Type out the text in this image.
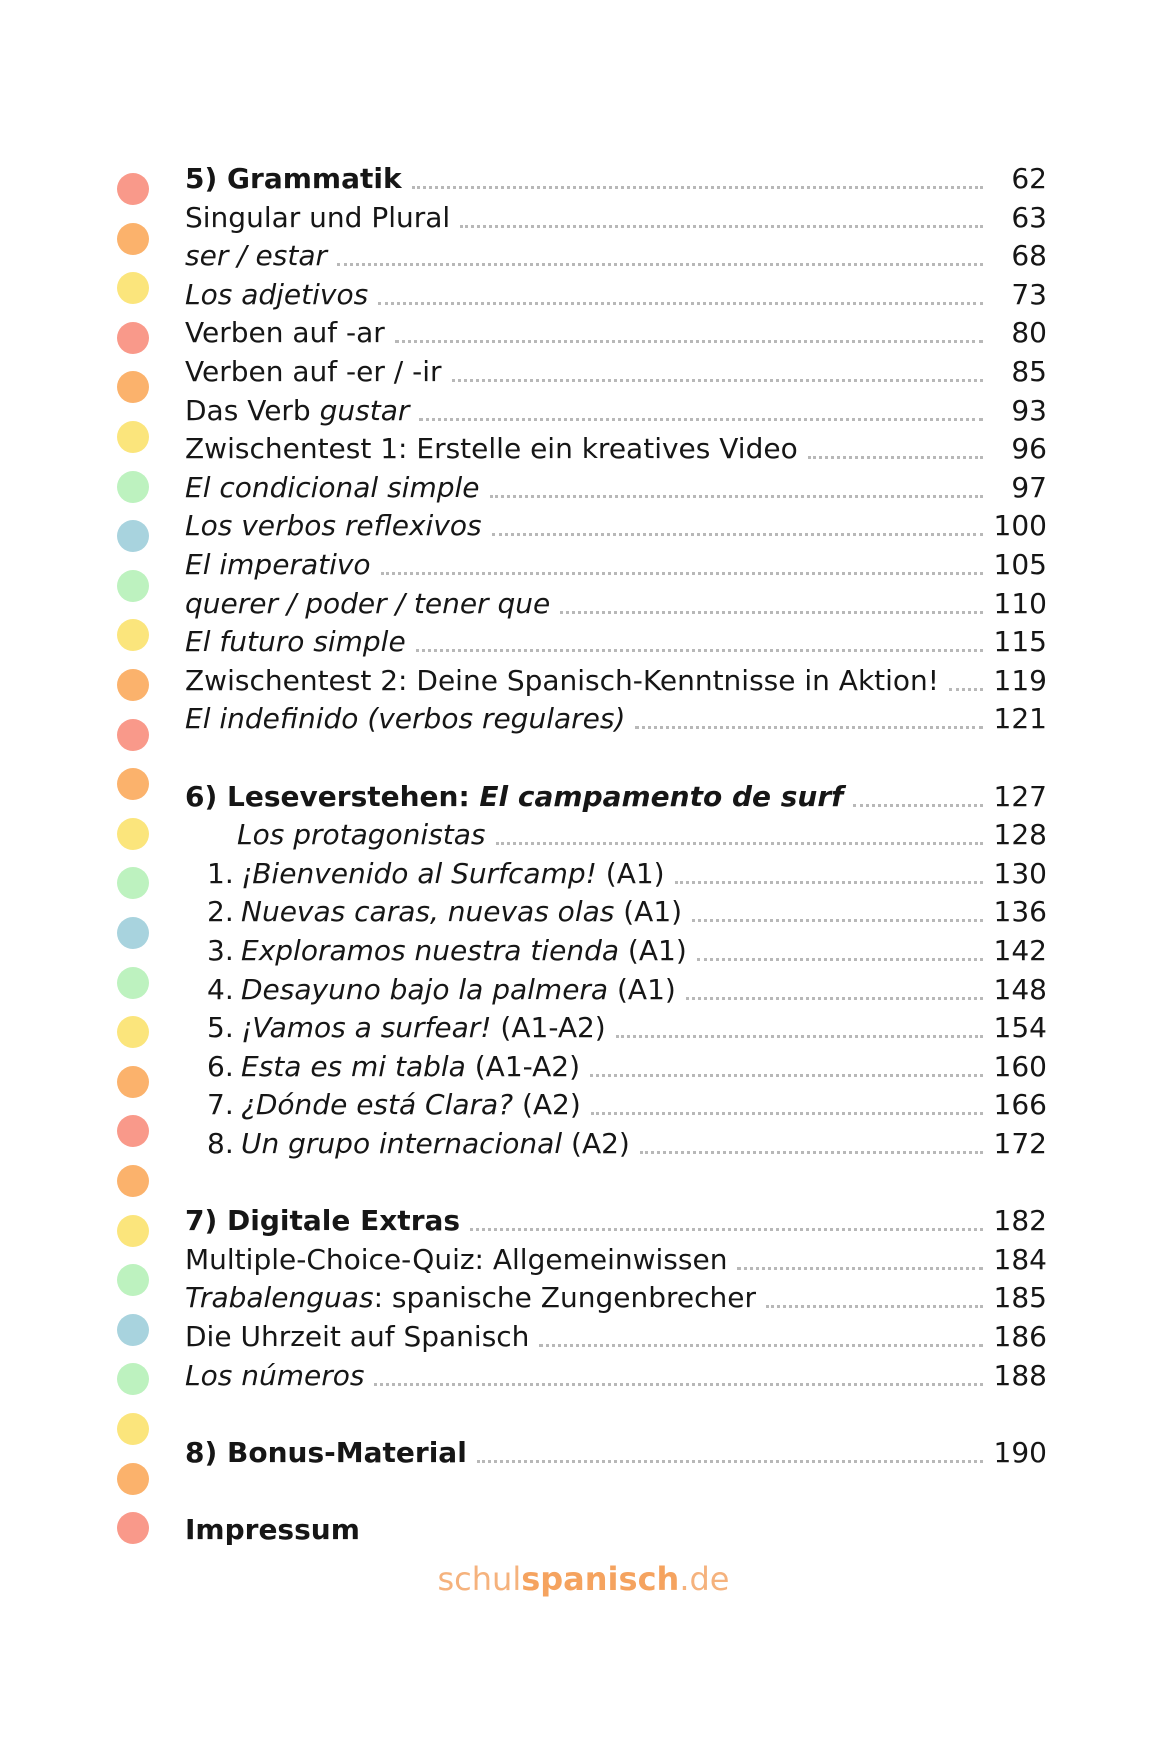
5) Grammatik	62
Singular und Plural	63
ser / estar	68
Los adjetivos	73
Verben auf -ar	80
Verben auf -er / -ir	85
Das Verb gustar	93
Zwischentest 1: Erstelle ein kreatives Video	96
El condicional simple	97
Los verbos reflexivos	100
El imperativo	105
querer / poder / tener que	110
El futuro simple	115
Zwischentest 2: Deine Spanisch-Kenntnisse in Aktion! 119
El indefinido (verbos regulares)	121
6) Leseverstehen: El campamento de surf	127
Los protagonistas	128
1. ¡Bienvenido al Surfcamp! (A1)	130
2. Nuevas caras, nuevas olas (A1)	136
3. Exploramos nuestra tienda (A1)	142
4. Desayuno bajo la palmera (A1)	148
5. ¡Vamos a surfear! (A1-A2)	154
6. Esta es mi tabla (A1-A2)	160
7. ¿Dónde está Clara? (A2)	166
8. Un grupo internacional (A2)	172
7) Digitale Extras	182
Multiple-Choice-Quiz: Allgemeinwissen	184
Trabalenguas: spanische Zungenbrecher	185
Die Uhrzeit auf Spanisch	186
Los números	188
8) Bonus-Material	190
Impressum
schulspanisch.de
